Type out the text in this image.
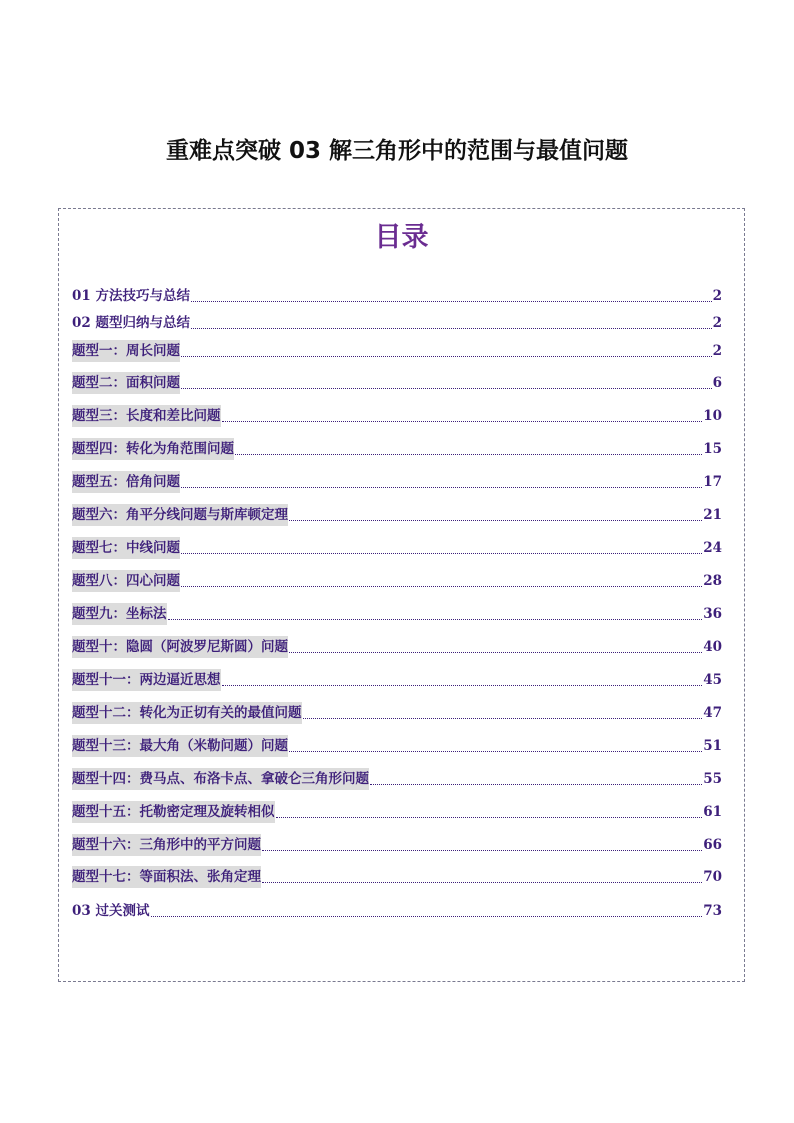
重难点突破 03 解三角形中的范围与最值问题
目录
01 方法技巧与总结	2
02 题型归纳与总结	2
题型一：周长问题	2
题型二：面积问题	6
题型三：长度和差比问题	10
题型四：转化为角范围问题	15
题型五：倍角问题	17
题型六：角平分线问题与斯库顿定理	21
题型七：中线问题	24
题型八：四心问题	28
题型九：坐标法	36
题型十：隐圆（阿波罗尼斯圆）问题	40
题型十一：两边逼近思想	45
题型十二：转化为正切有关的最值问题	47
题型十三：最大角（米勒问题）问题	51
题型十四：费马点、布洛卡点、拿破仑三角形问题	55
题型十五：托勒密定理及旋转相似	61
题型十六：三角形中的平方问题	66
题型十七：等面积法、张角定理	70
03 过关测试	73
